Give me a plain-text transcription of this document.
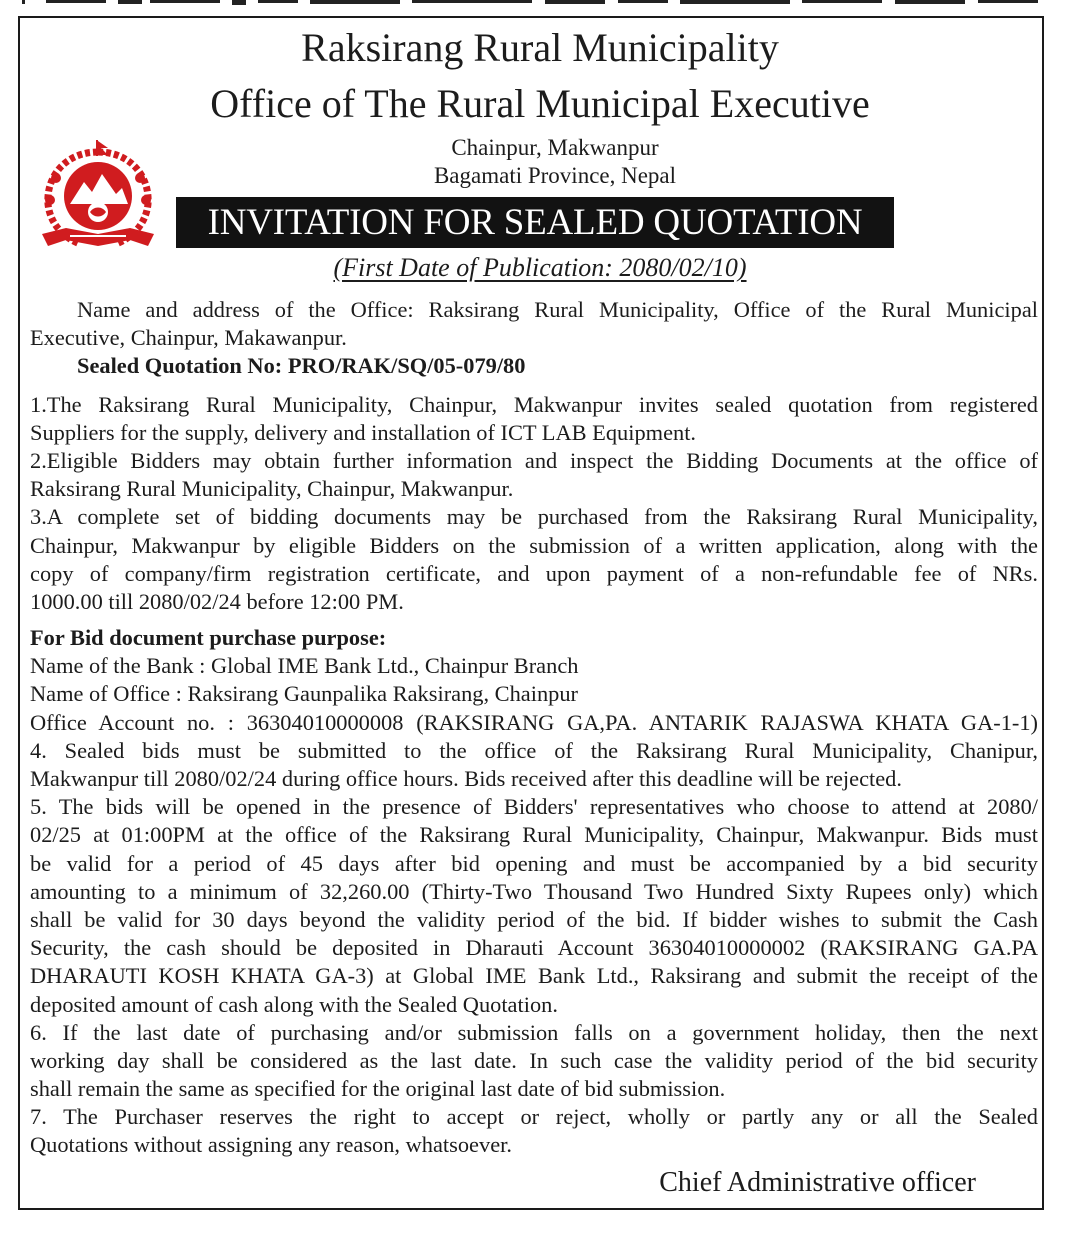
Raksirang Rural Municipality
Office of The Rural Municipal Executive
Chainpur, Makwanpur
Bagamati Province, Nepal
INVITATION FOR SEALED QUOTATION
(First Date of Publication: 2080/02/10)
Name and address of the Office: Raksirang Rural Municipality, Office of the Rural Municipal
Executive, Chainpur, Makawanpur.
Sealed Quotation No: PRO/RAK/SQ/05-079/80
1.The Raksirang Rural Municipality, Chainpur, Makwanpur invites sealed quotation from registered
Suppliers for the supply, delivery and installation of ICT LAB Equipment.
2.Eligible Bidders may obtain further information and inspect the Bidding Documents at the office of
Raksirang Rural Municipality, Chainpur, Makwanpur.
3.A complete set of bidding documents may be purchased from the Raksirang Rural Municipality,
Chainpur, Makwanpur by eligible Bidders on the submission of a written application, along with the
copy of company/firm registration certificate, and upon payment of a non-refundable fee of NRs.
1000.00 till 2080/02/24 before 12:00 PM.
For Bid document purchase purpose:
Name of the Bank : Global IME Bank Ltd., Chainpur Branch
Name of Office : Raksirang Gaunpalika Raksirang, Chainpur
Office Account no. : 36304010000008 (RAKSIRANG GA,PA. ANTARIK RAJASWA KHATA GA-1-1)
4. Sealed bids must be submitted to the office of the Raksirang Rural Municipality, Chanipur,
Makwanpur till 2080/02/24 during office hours. Bids received after this deadline will be rejected.
5. The bids will be opened in the presence of Bidders' representatives who choose to attend at 2080/
02/25 at 01:00PM at the office of the Raksirang Rural Municipality, Chainpur, Makwanpur. Bids must
be valid for a period of 45 days after bid opening and must be accompanied by a bid security
amounting to a minimum of 32,260.00 (Thirty-Two Thousand Two Hundred Sixty Rupees only) which
shall be valid for 30 days beyond the validity period of the bid. If bidder wishes to submit the Cash
Security, the cash should be deposited in Dharauti Account 36304010000002 (RAKSIRANG GA.PA
DHARAUTI KOSH KHATA GA-3) at Global IME Bank Ltd., Raksirang and submit the receipt of the
deposited amount of cash along with the Sealed Quotation.
6. If the last date of purchasing and/or submission falls on a government holiday, then the next
working day shall be considered as the last date. In such case the validity period of the bid security
shall remain the same as specified for the original last date of bid submission.
7. The Purchaser reserves the right to accept or reject, wholly or partly any or all the Sealed
Quotations without assigning any reason, whatsoever.
Chief Administrative officer
